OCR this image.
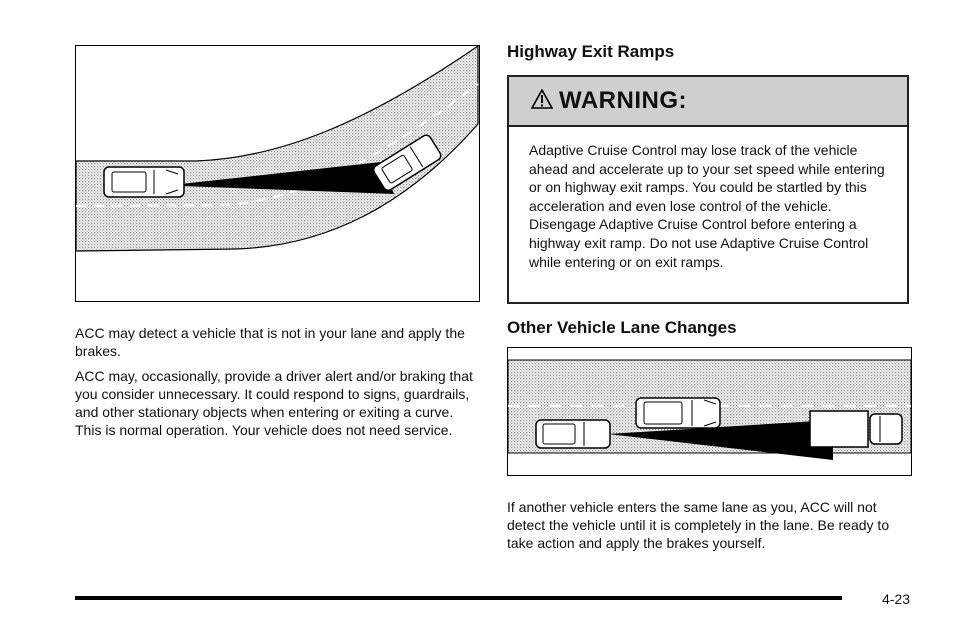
ACC may detect a vehicle that is not in your lane and apply the brakes.

ACC may, occasionally, provide a driver alert and/or braking that you consider unnecessary. It could respond to signs, guardrails, and other stationary objects when entering or exiting a curve. This is normal operation. Your vehicle does not need service.

Highway Exit Ramps
WARNING:
Adaptive Cruise Control may lose track of the vehicle ahead and accelerate up to your set speed while entering or on highway exit ramps. You could be startled by this acceleration and even lose control of the vehicle. Disengage Adaptive Cruise Control before entering a highway exit ramp. Do not use Adaptive Cruise Control while entering or on exit ramps.
Other Vehicle Lane Changes

If another vehicle enters the same lane as you, ACC will not detect the vehicle until it is completely in the lane. Be ready to take action and apply the brakes yourself.

4-23
